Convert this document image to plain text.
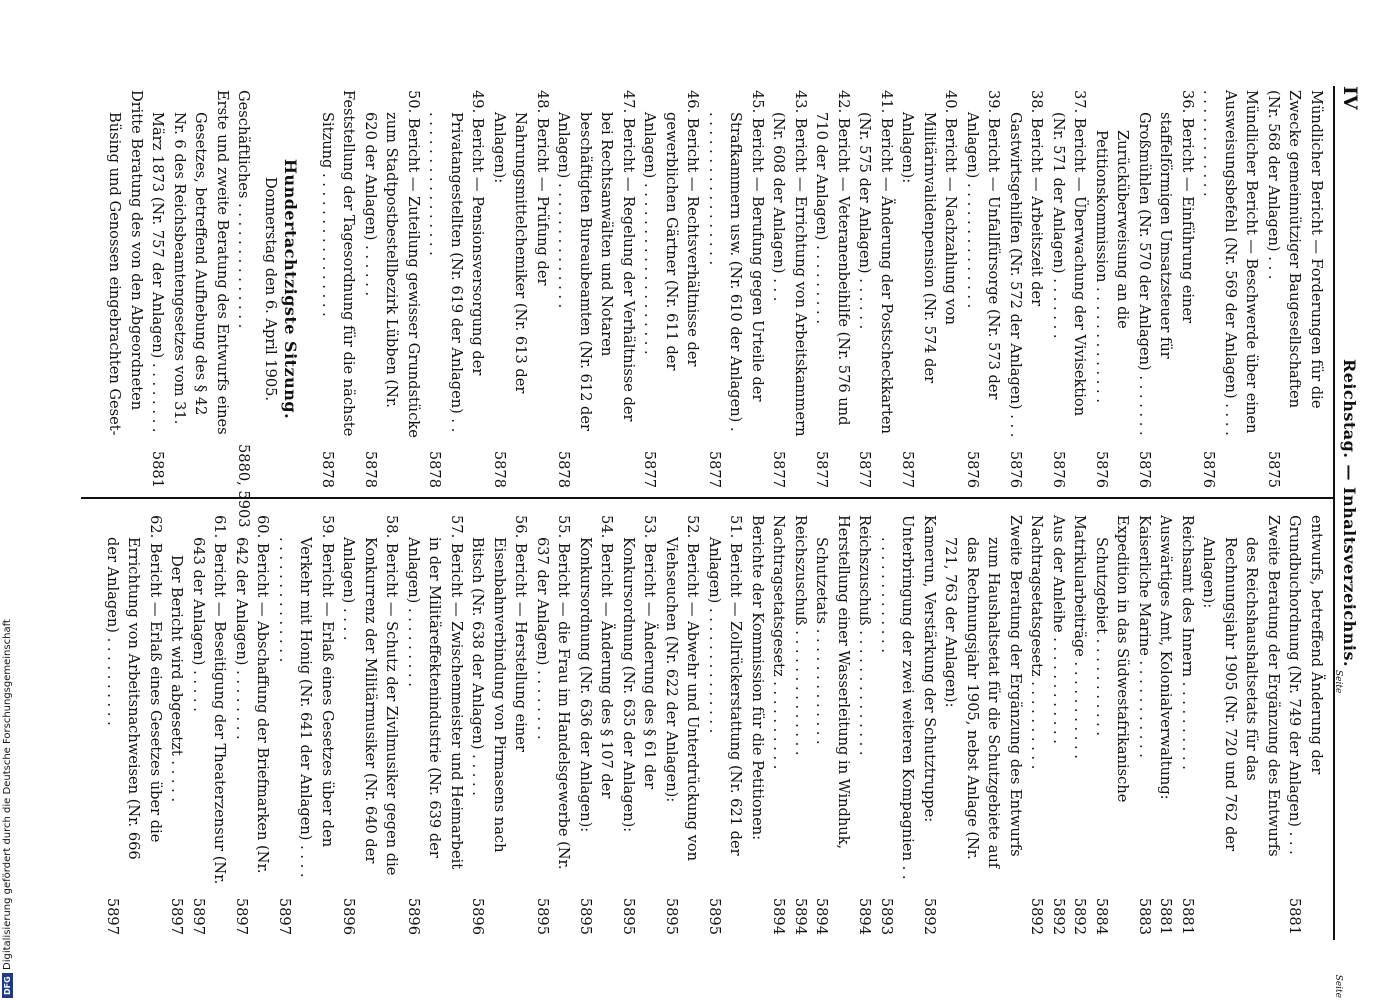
IV
Reichstag. — Inhaltsverzeichnis.
Seite
Seite
Mündlicher Bericht — Forderungen für die Zwecke gemeinnütziger Baugesellschaften (Nr. 568 der Anlagen) . . .
5875
Mündlicher Bericht — Beschwerde über einen Ausweisungsbefehl (Nr. 569 der Anlagen) . . . . . . . . . . . . . . . .
5876
36. Bericht — Einführung einer staffelförmigen Umsatzsteuer für Großmühlen (Nr. 570 der Anlagen) . . . . . . .
5876
Zurücküberweisung an die Petitionskommission . . . . . . . . . . . . .
5876
37. Bericht — Überwachung der Vivisektion (Nr. 571 der Anlagen) . . . . . . .
5876
38. Bericht — Arbeitszeit der Gastwirtsgehilfen (Nr. 572 der Anlagen) . . .
5876
39. Bericht — Unfallfürsorge (Nr. 573 der Anlagen) . . . . . . . . . . . . . .
5876
40. Bericht — Nachzahlung von Militärinvalidenpension (Nr. 574 der Anlagen):
5877
41. Bericht — Änderung der Postscheckkarten (Nr. 575 der Anlagen) . . . . . .
5877
42. Bericht — Veteranenbeihilfe (Nr. 576 und 710 der Anlagen) . . . . . . . . .
5877
43. Bericht — Errichtung von Arbeitskammern (Nr. 608 der Anlagen) . . .
5877
45. Bericht — Berufung gegen Urteile der Strafkammern usw. (Nr. 610 der Anlagen) . . . . . . . . . . . . . . . . . .
5877
46. Bericht — Rechtsverhältnisse der gewerblichen Gärtner (Nr. 611 der Anlagen) . . . . . . . . . . . . . . . . . . .
5877
47. Bericht — Regelung der Verhältnisse der bei Rechtsanwälten und Notaren beschäftigten Bureaubeamten (Nr. 612 der Anlagen) . . . . . . . . . . . . . .
5878
48. Bericht — Prüfung der Nahrungsmittelchemiker (Nr. 613 der Anlagen):
5878
49. Bericht — Pensionsversorgung der Privatangestellten (Nr. 619 der Anlagen) . . . . . . . . . . . . . . . . . .
5878
50. Bericht — Zuteilung gewisser Grundstücke zum Stadtpostbestellbezirk Lübben (Nr. 620 der Anlagen) . . . . . .
5878
Feststellung der Tagesordnung für die nächste Sitzung . . . . . . . . . . . . . . . .
5878
Hundertachtzigste Sitzung.
Donnerstag den 6. April 1905.
Geschäftliches . . . . . . . . . . . . . .
5880, 5903
Erste und zweite Beratung des Entwurfs eines Gesetzes, betreffend Aufhebung des § 42 Nr. 6 des Reichsbeamtengesetzes vom 31. März 1873 (Nr. 757 der Anlagen) . . . . . . . .
5881
Dritte Beratung des von den Abgeordneten Büsing und Genossen eingebrachten Geset-
entwurfs, betreffend Änderung der Grundbuchordnung (Nr. 749 der Anlagen) . . .
5881
Zweite Beratung der Ergänzung des Entwurfs des Reichshaushaltsetats für das Rechnungsjahr 1905 (Nr. 720 und 762 der Anlagen):
Reichsamt des Innern . . . . . . . . . .
5881
Auswärtiges Amt, Kolonialverwaltung:
5881
Kaiserliche Marine . . . . . . . . . . .
5883
Expedition in das Südwestafrikanische Schutzgebiet . . . . . . . . . . .
5884
Matrikularbeiträge . . . . . . . . . . .
5892
Aus der Anleihe . . . . . . . . . . . .
5892
Nachtragsetatsgesetz . . . . . . . . . .
5892
Zweite Beratung der Ergänzung des Entwurfs zum Haushaltsetat für die Schutzgebiete auf das Rechnungsjahr 1905, nebst Anlage (Nr. 721, 763 der Anlagen):
Kamerun, Verstärkung der Schutztruppe:
5892
Unterbringung der zwei weiteren Kompagnien . . . . . . . . . . . . . . .
5893
Reichszuschuß . . . . . . . . . . . . . .
5894
Herstellung einer Wasserleitung in Windhuk, Schutzetats . . . . . . . . . . . . .
5894
Reichszuschuß . . . . . . . . . . . . . .
5894
Nachtragsetatsgesetz . . . . . . . . . .
5894
Berichte der Kommission für die Petitionen:
51. Bericht — Zollrückerstattung (Nr. 621 der Anlagen) . . . . . . . . . . . . . .
5895
52. Bericht — Abwehr und Unterdrückung von Viehseuchen (Nr. 622 der Anlagen):
5895
53. Bericht — Änderung des § 61 der Konkursordnung (Nr. 635 der Anlagen):
5895
54. Bericht — Änderung des § 107 der Konkursordnung (Nr. 636 der Anlagen):
5895
55. Bericht — die Frau im Handelsgewerbe (Nr. 637 der Anlagen) . . . . . . . .
5895
56. Bericht — Herstellung einer Eisenbahnverbindung von Pirmasens nach Bitsch (Nr. 638 der Anlagen) . . . . .
5896
57. Bericht — Zwischenmeister und Heimarbeit in der Militäreffektenindustrie (Nr. 639 der Anlagen) . . . . . . . . .
5896
58. Bericht — Schutz der Zivilmusiker gegen die Konkurrenz der Militärmusiker (Nr. 640 der Anlagen) . . . .
5896
59. Bericht — Erlaß eines Gesetzes über den Verkehr mit Honig (Nr. 641 der Anlagen) . . . . . . . . . . . . . . . . . .
5897
60. Bericht — Abschaffung der Briefmarken (Nr. 642 der Anlagen) . . . . . . . .
5897
61. Bericht — Beseitigung der Theaterzensur (Nr. 643 der Anlagen) . . . . .
5897
Der Bericht wird abgesetzt . . . . .
5897
62. Bericht — Erlaß eines Gesetzes über die Errichtung von Arbeitsnachweisen (Nr. 666 der Anlagen) . . . . . . . . . .
5897
DFG
Digitalisierung gefördert durch die Deutsche Forschungsgemeinschaft
